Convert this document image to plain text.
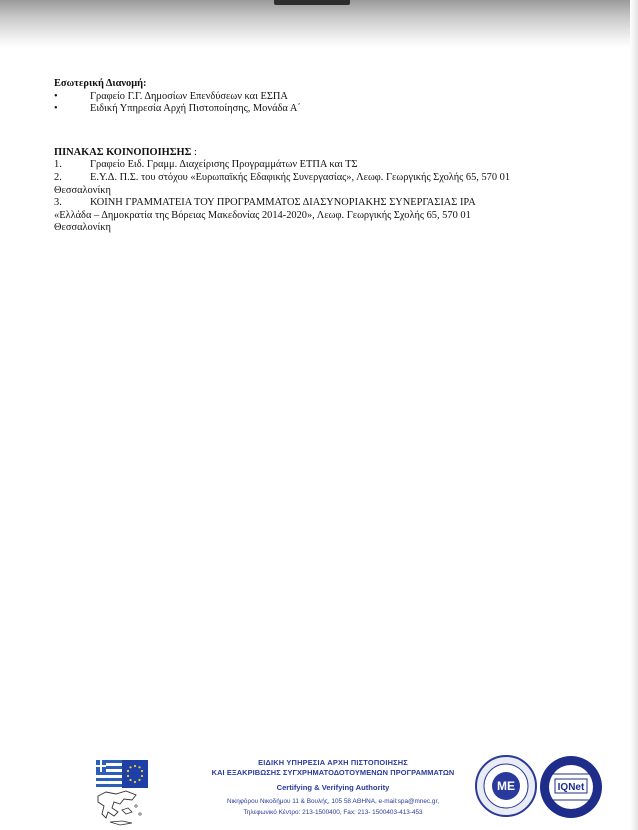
Εσωτερική Διανομή:
•	Γραφείο Γ.Γ. Δημοσίων Επενδύσεων και ΕΣΠΑ
•	Ειδική Υπηρεσία Αρχή Πιστοποίησης, Μονάδα Α΄
ΠΙΝΑΚΑΣ ΚΟΙΝΟΠΟΙΗΣΗΣ :
1.	Γραφείο Ειδ. Γραμμ. Διαχείρισης Προγραμμάτων ΕΤΠΑ και ΤΣ
2.	Ε.Υ.Δ. Π.Σ. του στόχου «Ευρωπαϊκής Εδαφικής Συνεργασίας», Λεωφ. Γεωργικής Σχολής 65, 570 01
Θεσσαλονίκη
3.	ΚΟΙΝΗ ΓΡΑΜΜΑΤΕΙΑ ΤΟΥ ΠΡΟΓΡΑΜΜΑΤΟΣ ΔΙΑΣΥΝΟΡΙΑΚΗΣ ΣΥΝΕΡΓΑΣΙΑΣ IPA
«Ελλάδα – Δημοκρατία της Βόρειας Μακεδονίας 2014-2020», Λεωφ. Γεωργικής Σχολής 65, 570 01
Θεσσαλονίκη
ΕΙΔΙΚΗ ΥΠΗΡΕΣΙΑ ΑΡΧΗ ΠΙΣΤΟΠΟΙΗΣΗΣ
ΚΑΙ ΕΞΑΚΡΙΒΩΣΗΣ ΣΥΓΧΡΗΜΑΤΟΔΟΤΟΥΜΕΝΩΝ ΠΡΟΓΡΑΜΜΑΤΩΝ
Certifying & Verifying Authority
Νικηφόρου Νικοδήμου 11 & Βουλής, 105 58 ΑΘΗΝΑ, e-mail:spa@mnec.gr,
Τηλεφωνικό Κέντρο: 213-1500400, Fax: 213- 1500403-413-453
ME	IQNet
